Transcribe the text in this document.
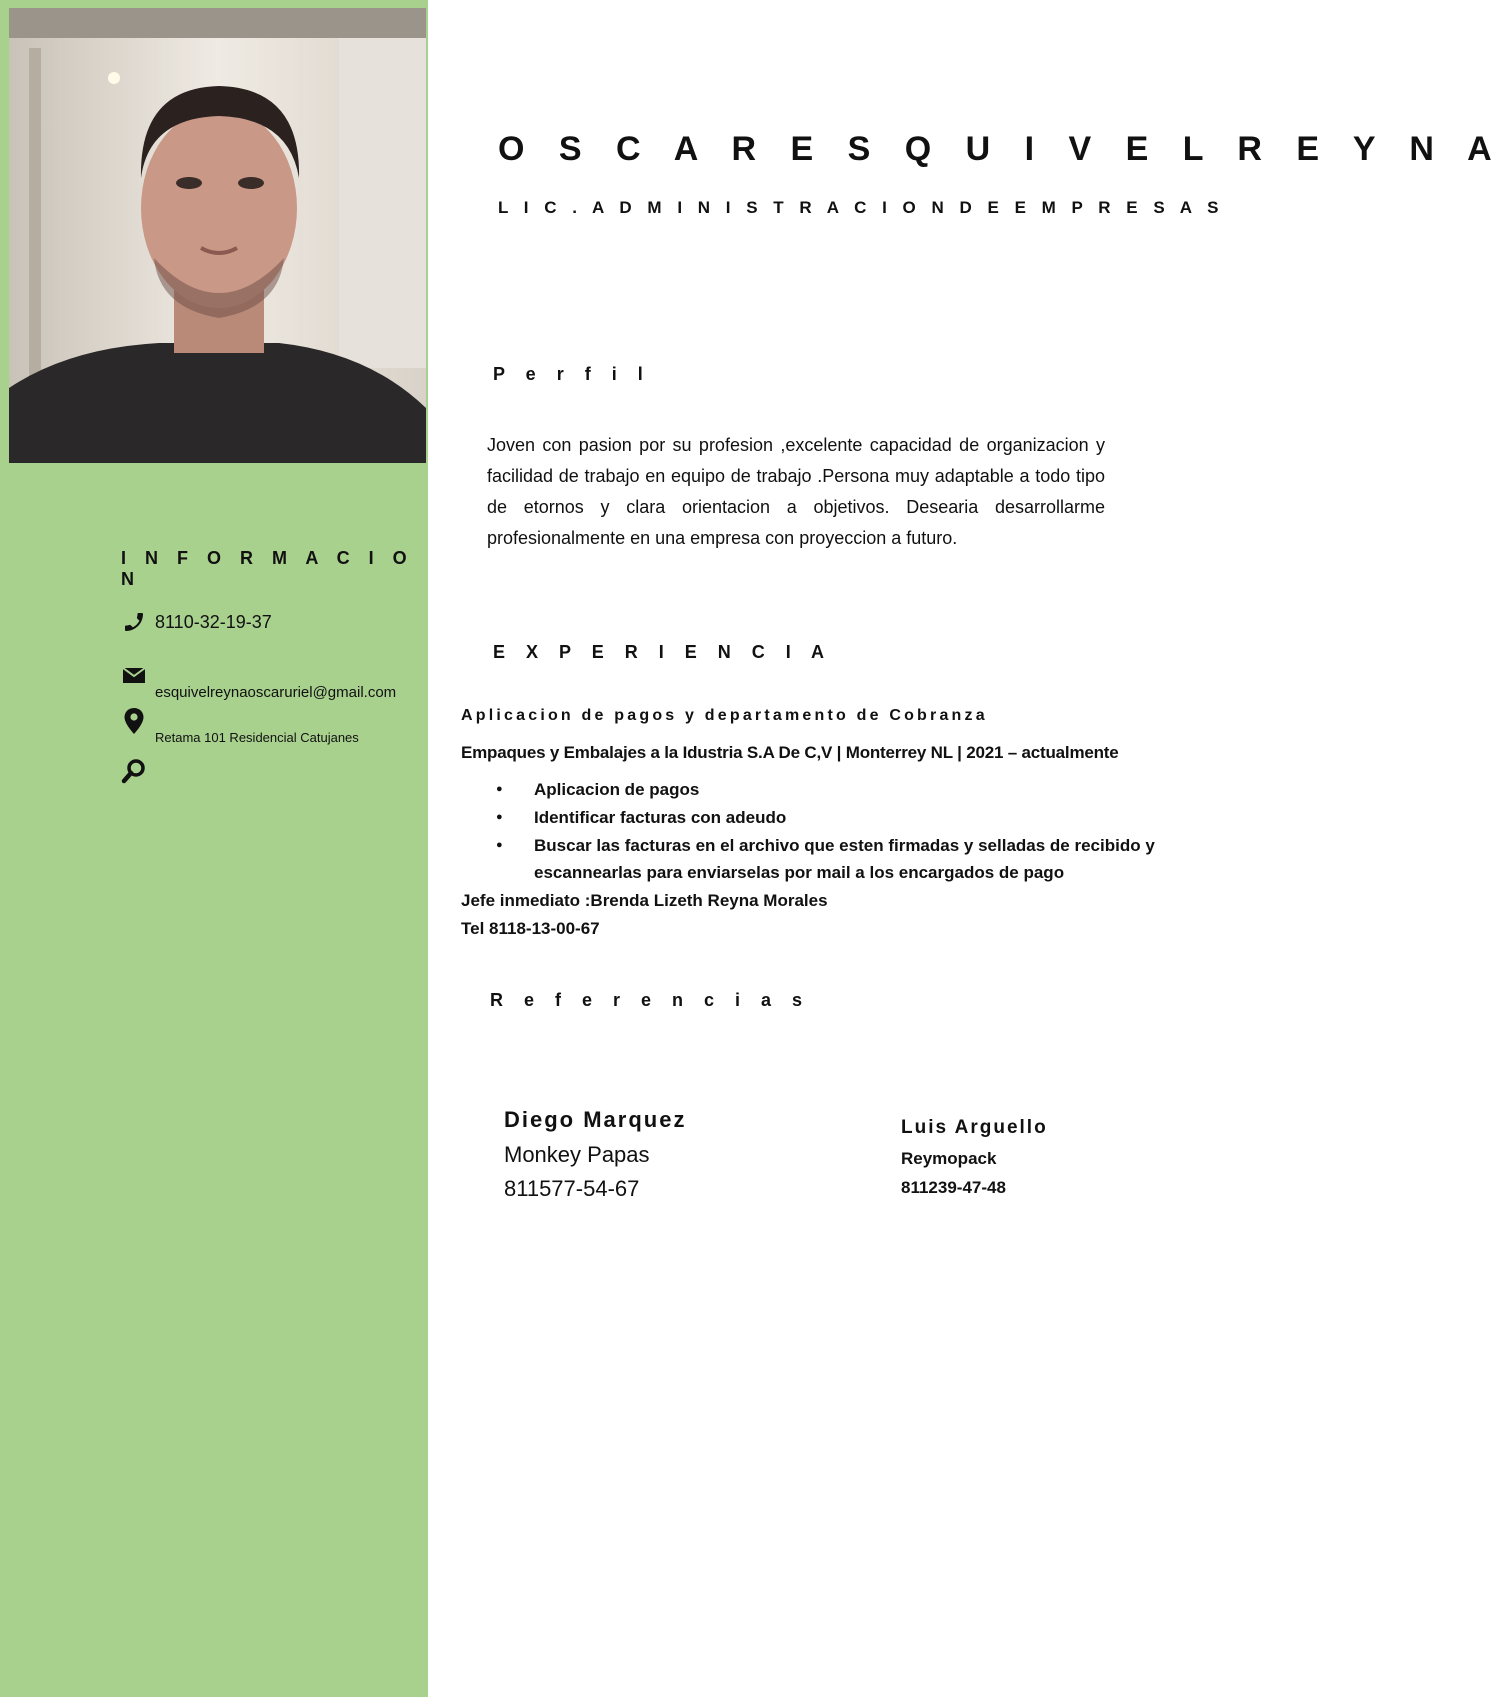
I N F O R M A C I O N
8110-32-19-37
esquivelreynaoscaruriel@gmail.com
Retama 101 Residencial Catujanes
O S C A R E S Q U I V E L R E Y N A
L I C . A D M I N I S T R A C I O N D E E M P R E S A S
P e r f i l

Joven con pasion por su profesion ,excelente capacidad de organizacion y facilidad de trabajo en equipo de trabajo .Persona muy adaptable a todo tipo de etornos y clara orientacion a objetivos. Desearia desarrollarme profesionalmente en una empresa con proyeccion a futuro.

E X P E R I E N C I A
Aplicacion de pagos y departamento de Cobranza
Empaques y Embalajes a la Idustria S.A De C,V | Monterrey NL | 2021 – actualmente
● Aplicacion de pagos
● Identificar facturas con adeudo
● Buscar las facturas en el archivo que esten firmadas y selladas de recibido y escannearlas para enviarselas por mail a los encargados de pago
Jefe inmediato :Brenda Lizeth Reyna Morales
Tel 8118-13-00-67
R e f e r e n c i a s
Diego Marquez
Monkey Papas
811577-54-67
Luis Arguello
Reymopack
811239-47-48
